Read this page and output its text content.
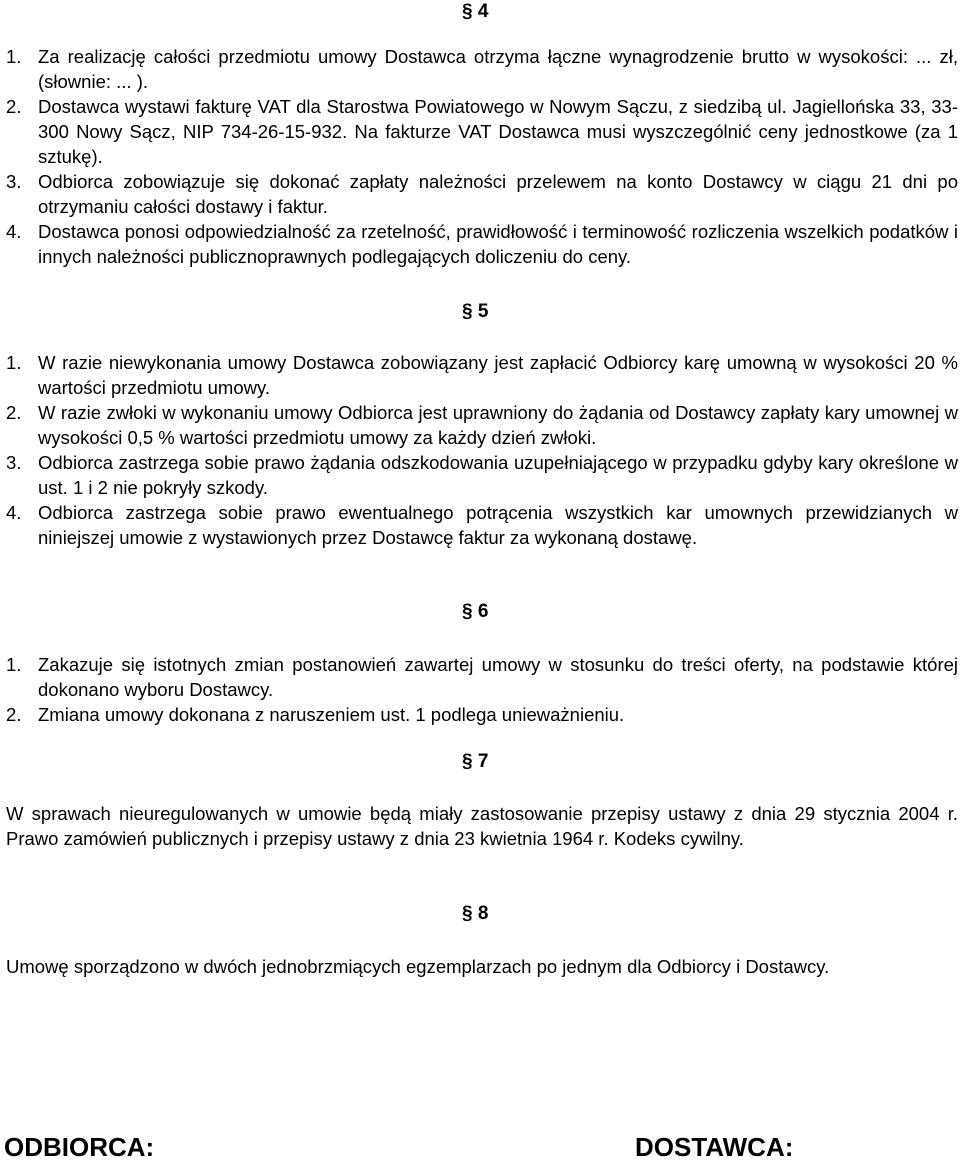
§ 4
1. Za realizację całości przedmiotu umowy Dostawca otrzyma łączne wynagrodzenie brutto w wysokości: ... zł, (słownie: ... ).
2. Dostawca wystawi fakturę VAT dla Starostwa Powiatowego w Nowym Sączu, z siedzibą ul. Jagiellońska 33, 33-300 Nowy Sącz, NIP 734-26-15-932. Na fakturze VAT Dostawca musi wyszczególnić ceny jednostkowe (za 1 sztukę).
3. Odbiorca zobowiązuje się dokonać zapłaty należności przelewem na konto Dostawcy w ciągu 21 dni po otrzymaniu całości dostawy i faktur.
4. Dostawca ponosi odpowiedzialność za rzetelność, prawidłowość i terminowość rozliczenia wszelkich podatków i innych należności publicznoprawnych podlegających doliczeniu do ceny.
§ 5
1. W razie niewykonania umowy Dostawca zobowiązany jest zapłacić Odbiorcy karę umowną w wysokości 20 % wartości przedmiotu umowy.
2. W razie zwłoki w wykonaniu umowy Odbiorca jest uprawniony do żądania od Dostawcy zapłaty kary umownej w wysokości 0,5 % wartości przedmiotu umowy za każdy dzień zwłoki.
3. Odbiorca zastrzega sobie prawo żądania odszkodowania uzupełniającego w przypadku gdyby kary określone w ust. 1 i 2 nie pokryły szkody.
4. Odbiorca zastrzega sobie prawo ewentualnego potrącenia wszystkich kar umownych przewidzianych w niniejszej umowie z wystawionych przez Dostawcę faktur za wykonaną dostawę.
§ 6
1. Zakazuje się istotnych zmian postanowień zawartej umowy w stosunku do treści oferty, na podstawie której dokonano wyboru Dostawcy.
2. Zmiana umowy dokonana z naruszeniem ust. 1 podlega unieważnieniu.
§ 7
W sprawach nieuregulowanych w umowie będą miały zastosowanie przepisy ustawy z dnia 29 stycznia 2004 r. Prawo zamówień publicznych i przepisy ustawy z dnia 23 kwietnia 1964 r. Kodeks cywilny.
§ 8
Umowę sporządzono w dwóch jednobrzmiących egzemplarzach po jednym dla Odbiorcy i Dostawcy.
ODBIORCA:	DOSTAWCA:
